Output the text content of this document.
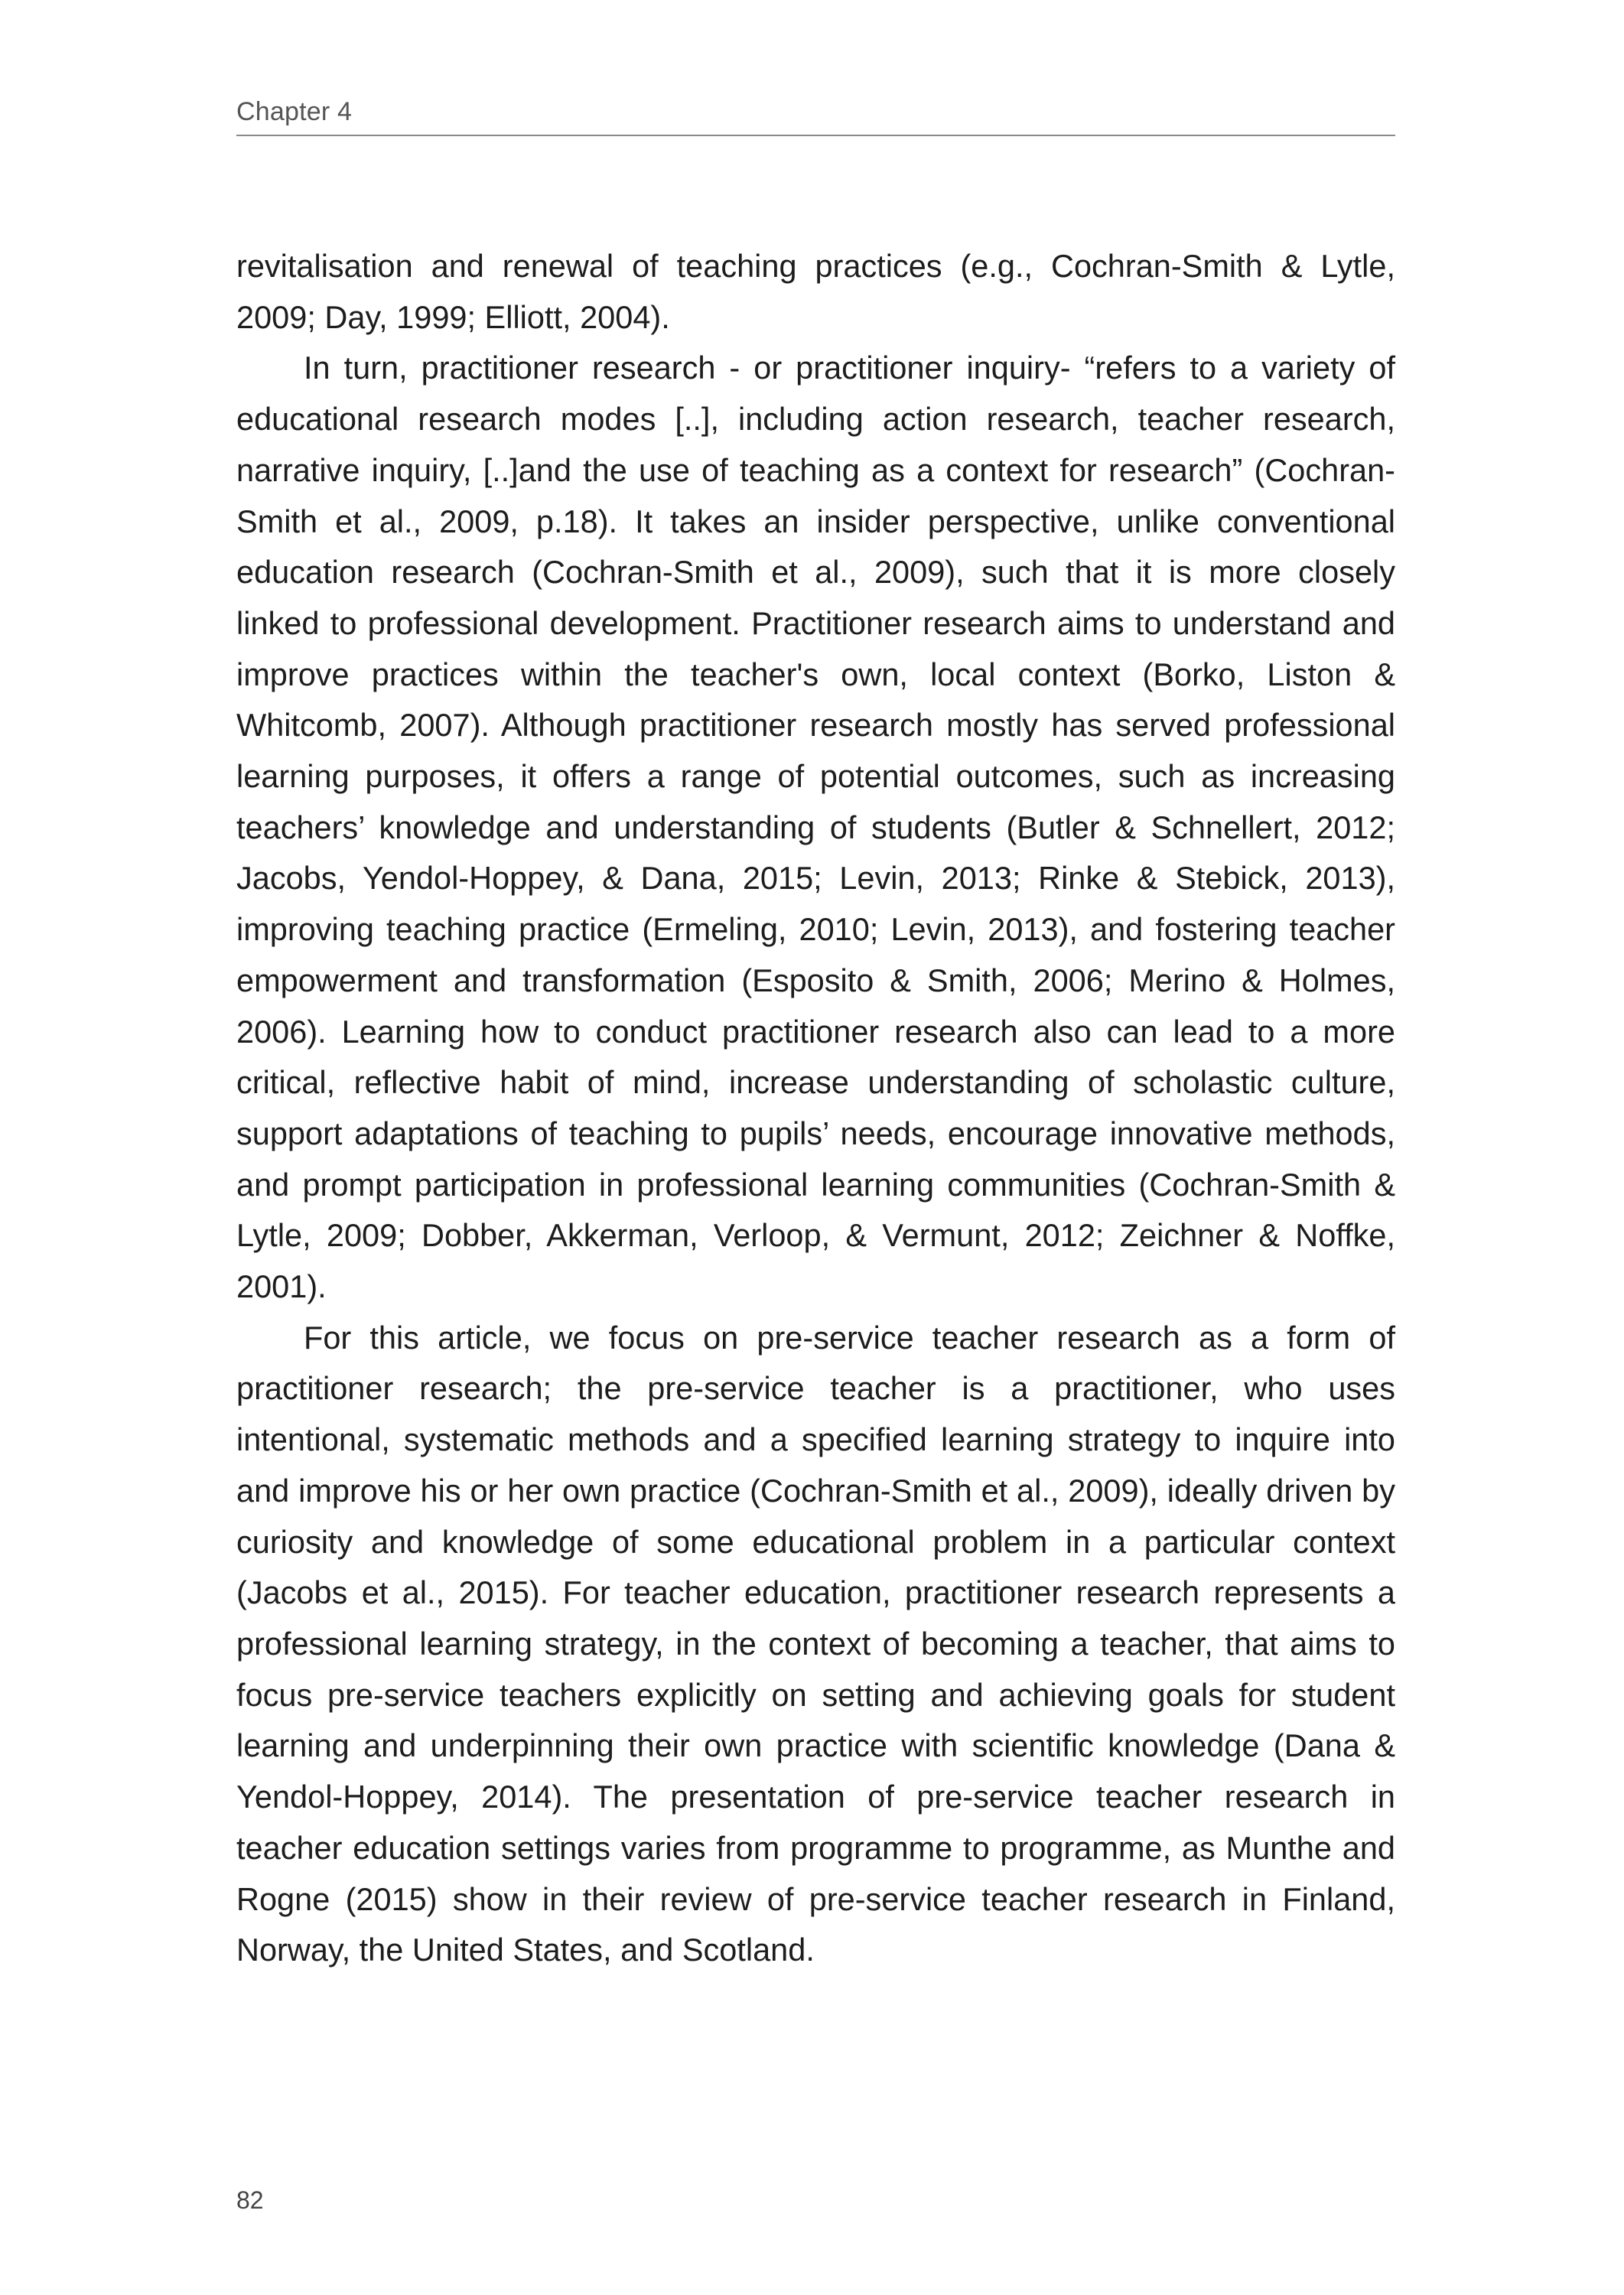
Chapter 4

revitalisation and renewal of teaching practices (e.g., Cochran-Smith & Lytle, 2009; Day, 1999; Elliott, 2004).

In turn, practitioner research - or practitioner inquiry- “refers to a variety of educational research modes [..], including action research, teacher research, narrative inquiry, [..]and the use of teaching as a context for research” (Cochran-Smith et al., 2009, p.18). It takes an insider perspective, unlike conventional education research (Cochran-Smith et al., 2009), such that it is more closely linked to professional development. Practitioner research aims to understand and improve practices within the teacher's own, local context (Borko, Liston & Whitcomb, 2007). Although practitioner research mostly has served professional learning purposes, it offers a range of potential outcomes, such as increasing teachers’ knowledge and understanding of students (Butler & Schnellert, 2012; Jacobs, Yendol-Hoppey, & Dana, 2015; Levin, 2013; Rinke & Stebick, 2013), improving teaching practice (Ermeling, 2010; Levin, 2013), and fostering teacher empowerment and transformation (Esposito & Smith, 2006; Merino & Holmes, 2006). Learning how to conduct practitioner research also can lead to a more critical, reflective habit of mind, increase understanding of scholastic culture, support adaptations of teaching to pupils’ needs, encourage innovative methods, and prompt participation in professional learning communities (Cochran-Smith & Lytle, 2009; Dobber, Akkerman, Verloop, & Vermunt, 2012; Zeichner & Noffke, 2001).

For this article, we focus on pre-service teacher research as a form of practitioner research; the pre-service teacher is a practitioner, who uses intentional, systematic methods and a specified learning strategy to inquire into and improve his or her own practice (Cochran-Smith et al., 2009), ideally driven by curiosity and knowledge of some educational problem in a particular context (Jacobs et al., 2015). For teacher education, practitioner research represents a professional learning strategy, in the context of becoming a teacher, that aims to focus pre-service teachers explicitly on setting and achieving goals for student learning and underpinning their own practice with scientific knowledge (Dana & Yendol-Hoppey, 2014). The presentation of pre-service teacher research in teacher education settings varies from programme to programme, as Munthe and Rogne (2015) show in their review of pre-service teacher research in Finland, Norway, the United States, and Scotland.

82
